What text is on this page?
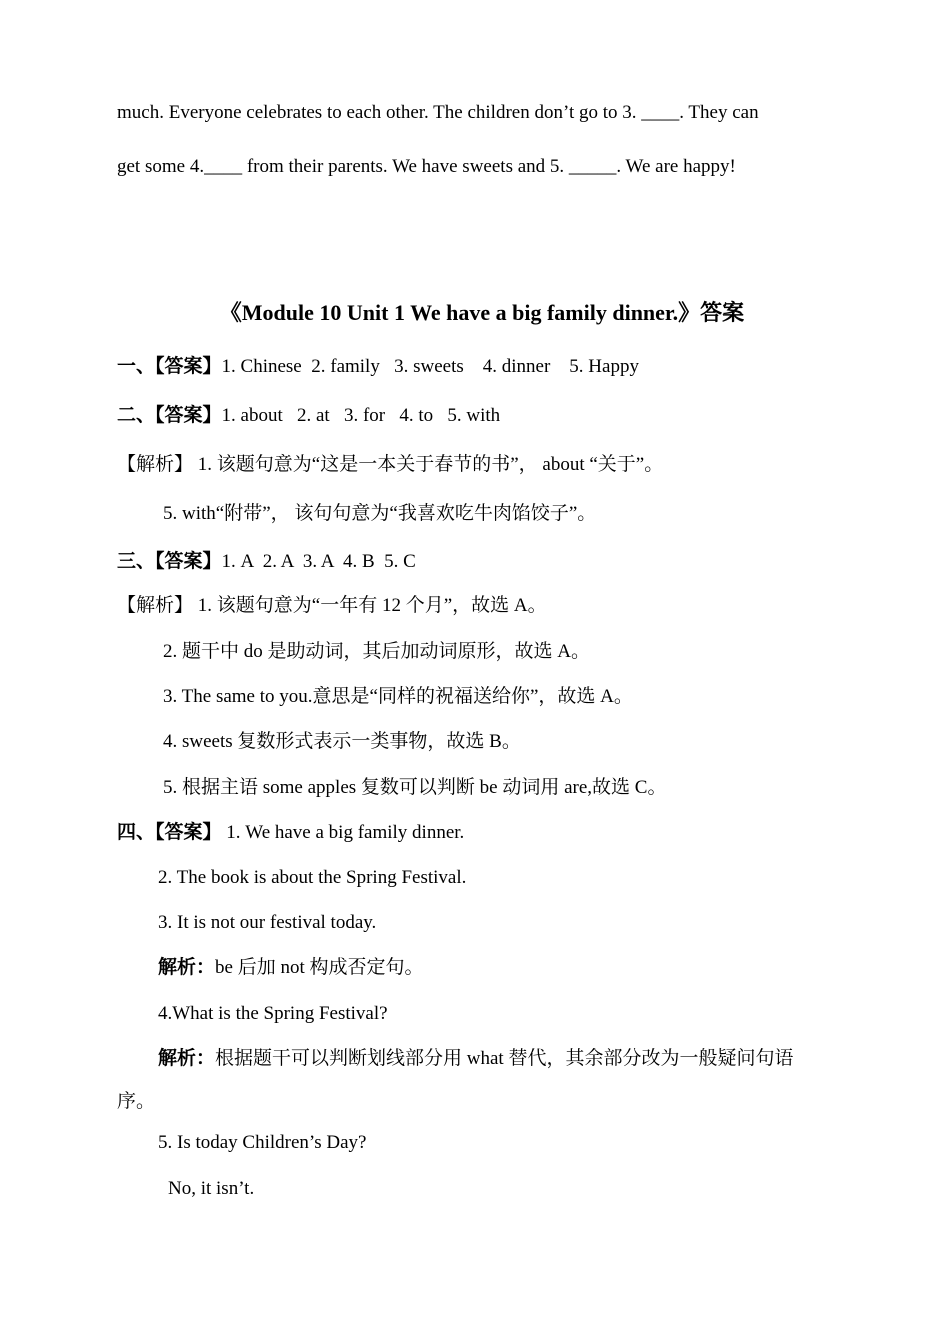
much. Everyone celebrates to each other. The children don’t go to 3. ____. They can
get some 4.____ from their parents. We have sweets and 5. _____. We are happy!
《Module 10 Unit 1 We have a big family dinner.》答案
一、【答案】1. Chinese  2. family   3. sweets    4. dinner    5. Happy
二、【答案】1. about   2. at   3. for   4. to   5. with
【解析】 1. 该题句意为“这是一本关于春节的书”， about “关于”。
5. with“附带”， 该句句意为“我喜欢吃牛肉馅饺子”。
三、【答案】1. A  2. A  3. A  4. B  5. C
【解析】 1. 该题句意为“一年有 12 个月”，故选 A。
2. 题干中 do 是助动词，其后加动词原形，故选 A。
3. The same to you.意思是“同样的祝福送给你”，故选 A。
4. sweets 复数形式表示一类事物，故选 B。
5. 根据主语 some apples 复数可以判断 be 动词用 are,故选 C。
四、【答案】 1. We have a big family dinner.
2. The book is about the Spring Festival.
3. It is not our festival today.
解析：be 后加 not 构成否定句。
4.What is the Spring Festival?
解析：根据题干可以判断划线部分用 what 替代，其余部分改为一般疑问句语
序。
5. Is today Children’s Day?
No, it isn’t.
